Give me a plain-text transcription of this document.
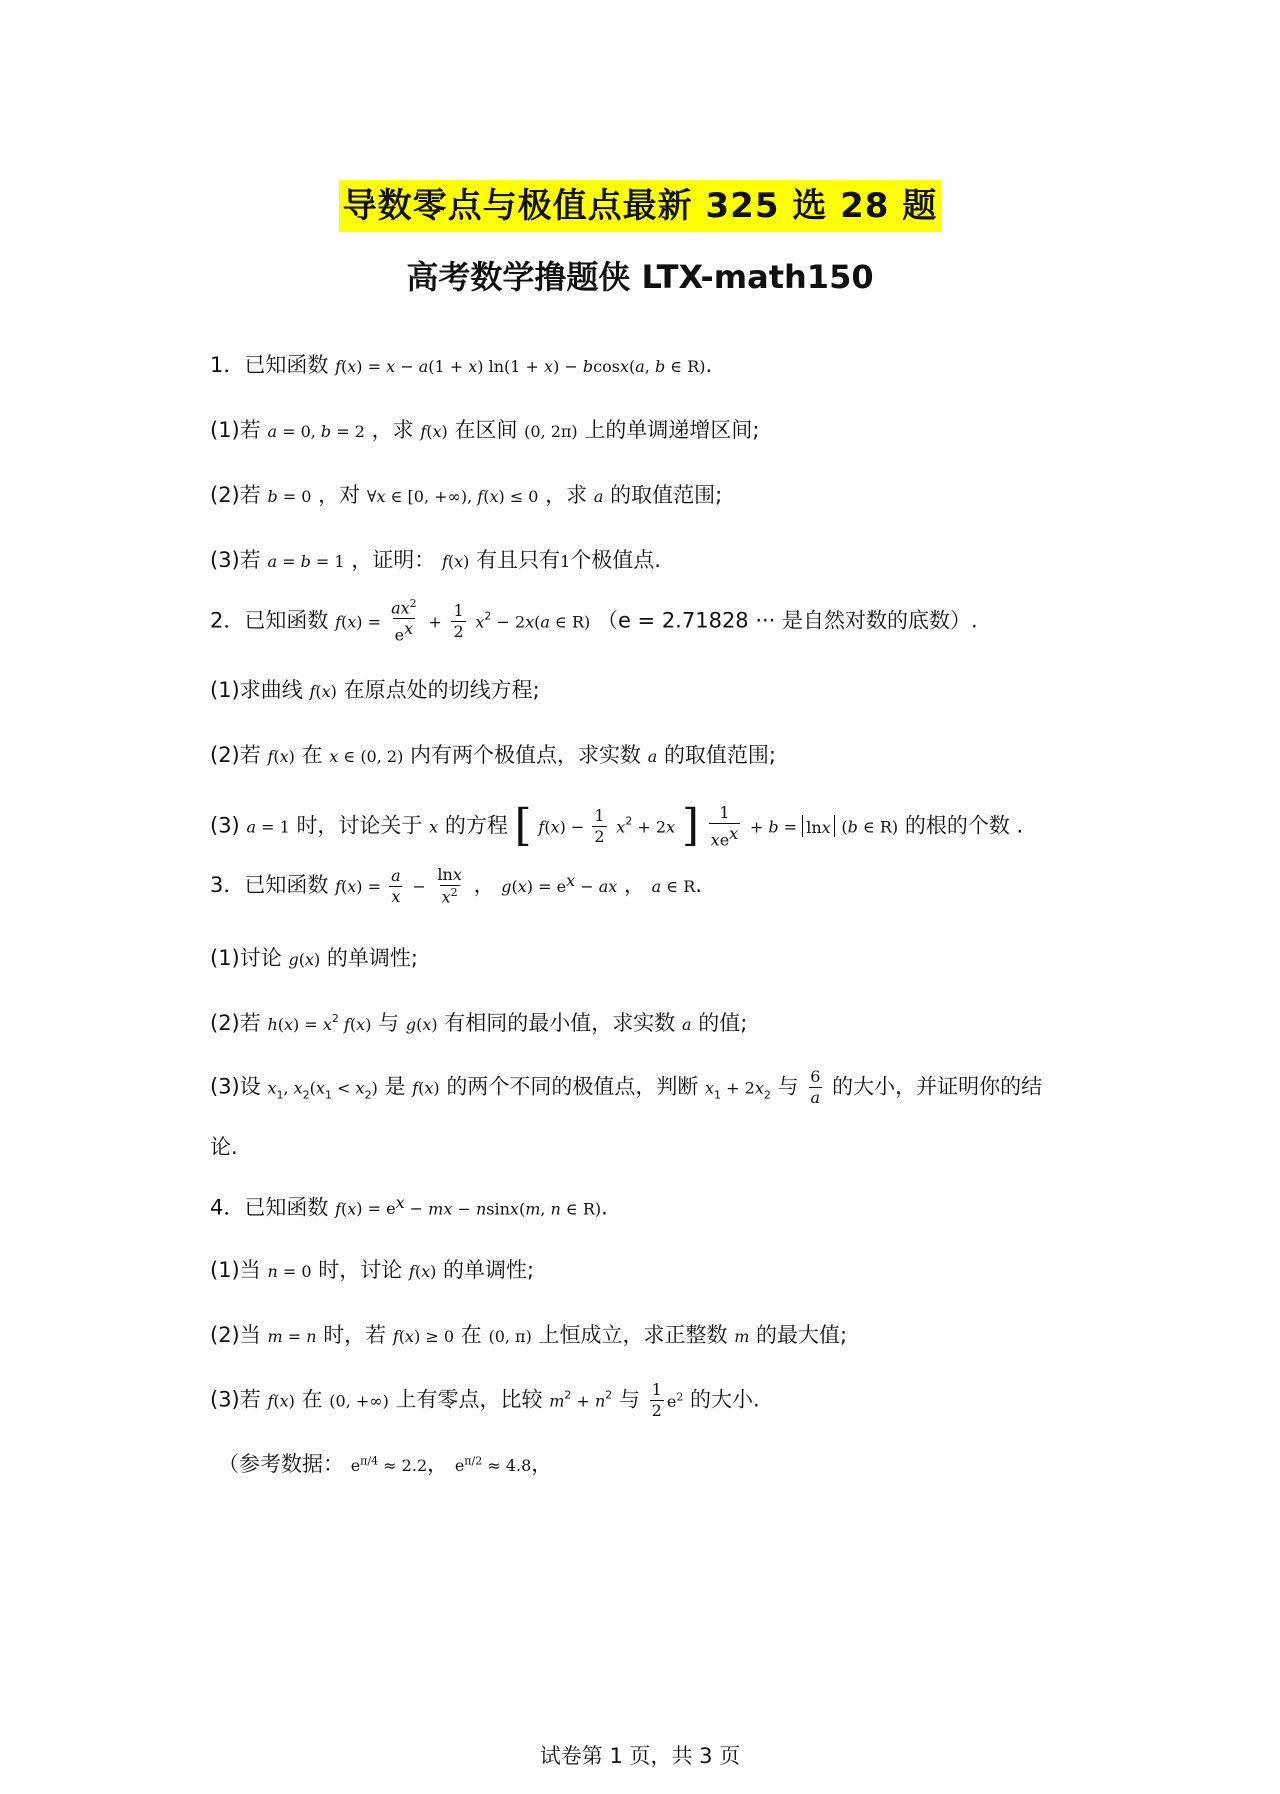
导数零点与极值点最新 325 选 28 题
高考数学撸题侠 LTX-math150
1．已知函数 f(x) = x − a(1 + x) ln(1 + x) − bcosx(a, b ∈ R).
(1)若 a = 0, b = 2 ，求 f(x) 在区间 (0, 2π) 上的单调递增区间;
(2)若 b = 0 ，对 ∀x ∈ [0, +∞), f(x) ≤ 0 ，求 a 的取值范围;
(3)若 a = b = 1 ，证明： f(x) 有且只有1个极值点.
2．已知函数 $f(x) = \frac{ax^2}{e^x} + \frac{1}{2} x^2 - 2x(a$ ∈ R) （e = 2.71828 ··· 是自然对数的底数）.
(1)求曲线 f(x) 在原点处的切线方程;
(2)若 f(x) 在 x ∈ (0, 2) 内有两个极值点，求实数 a 的取值范围;
(3) a = 1 时，讨论关于 x 的方程 [ $f(x) - \frac{1}{2} x^2 + 2x$ ] $\frac{1}{xe^x} + b = \ln x$ (b ∈ R) 的根的个数 .
3．已知函数 $f(x) = \frac{a}{x} - \frac{\ln x}{x^2}$ ， $g(x) = e^x$ − ax ， a ∈ R.
(1)讨论 g(x) 的单调性;
(2)若 $h(x) = x^2$ f(x) 与 g(x) 有相同的最小值，求实数 a 的值;
(3)设 $x_1$, $x_2(x_1 < x_2)$ 是 f(x) 的两个不同的极值点，判断 $x_1 + 2x_2$ 与 $\frac{6}{a}$ 的大小，并证明你的结
论.
4．已知函数 $f(x) = e^x$ − mx − nsinx(m, n ∈ R).
(1)当 n = 0 时，讨论 f(x) 的单调性;
(2)当 m = n 时，若 f(x) ≥ 0 在 (0, π) 上恒成立，求正整数 m 的最大值;
(3)若 f(x) 在 (0, +∞) 上有零点，比较 $m^2 + n^2$ 与 $\frac{1}{2} e^2$ 的大小.
（参考数据： $e^{\pi/4} \approx 2.2$， $e^{\pi/2} \approx 4.8$，
试卷第 1 页，共 3 页
